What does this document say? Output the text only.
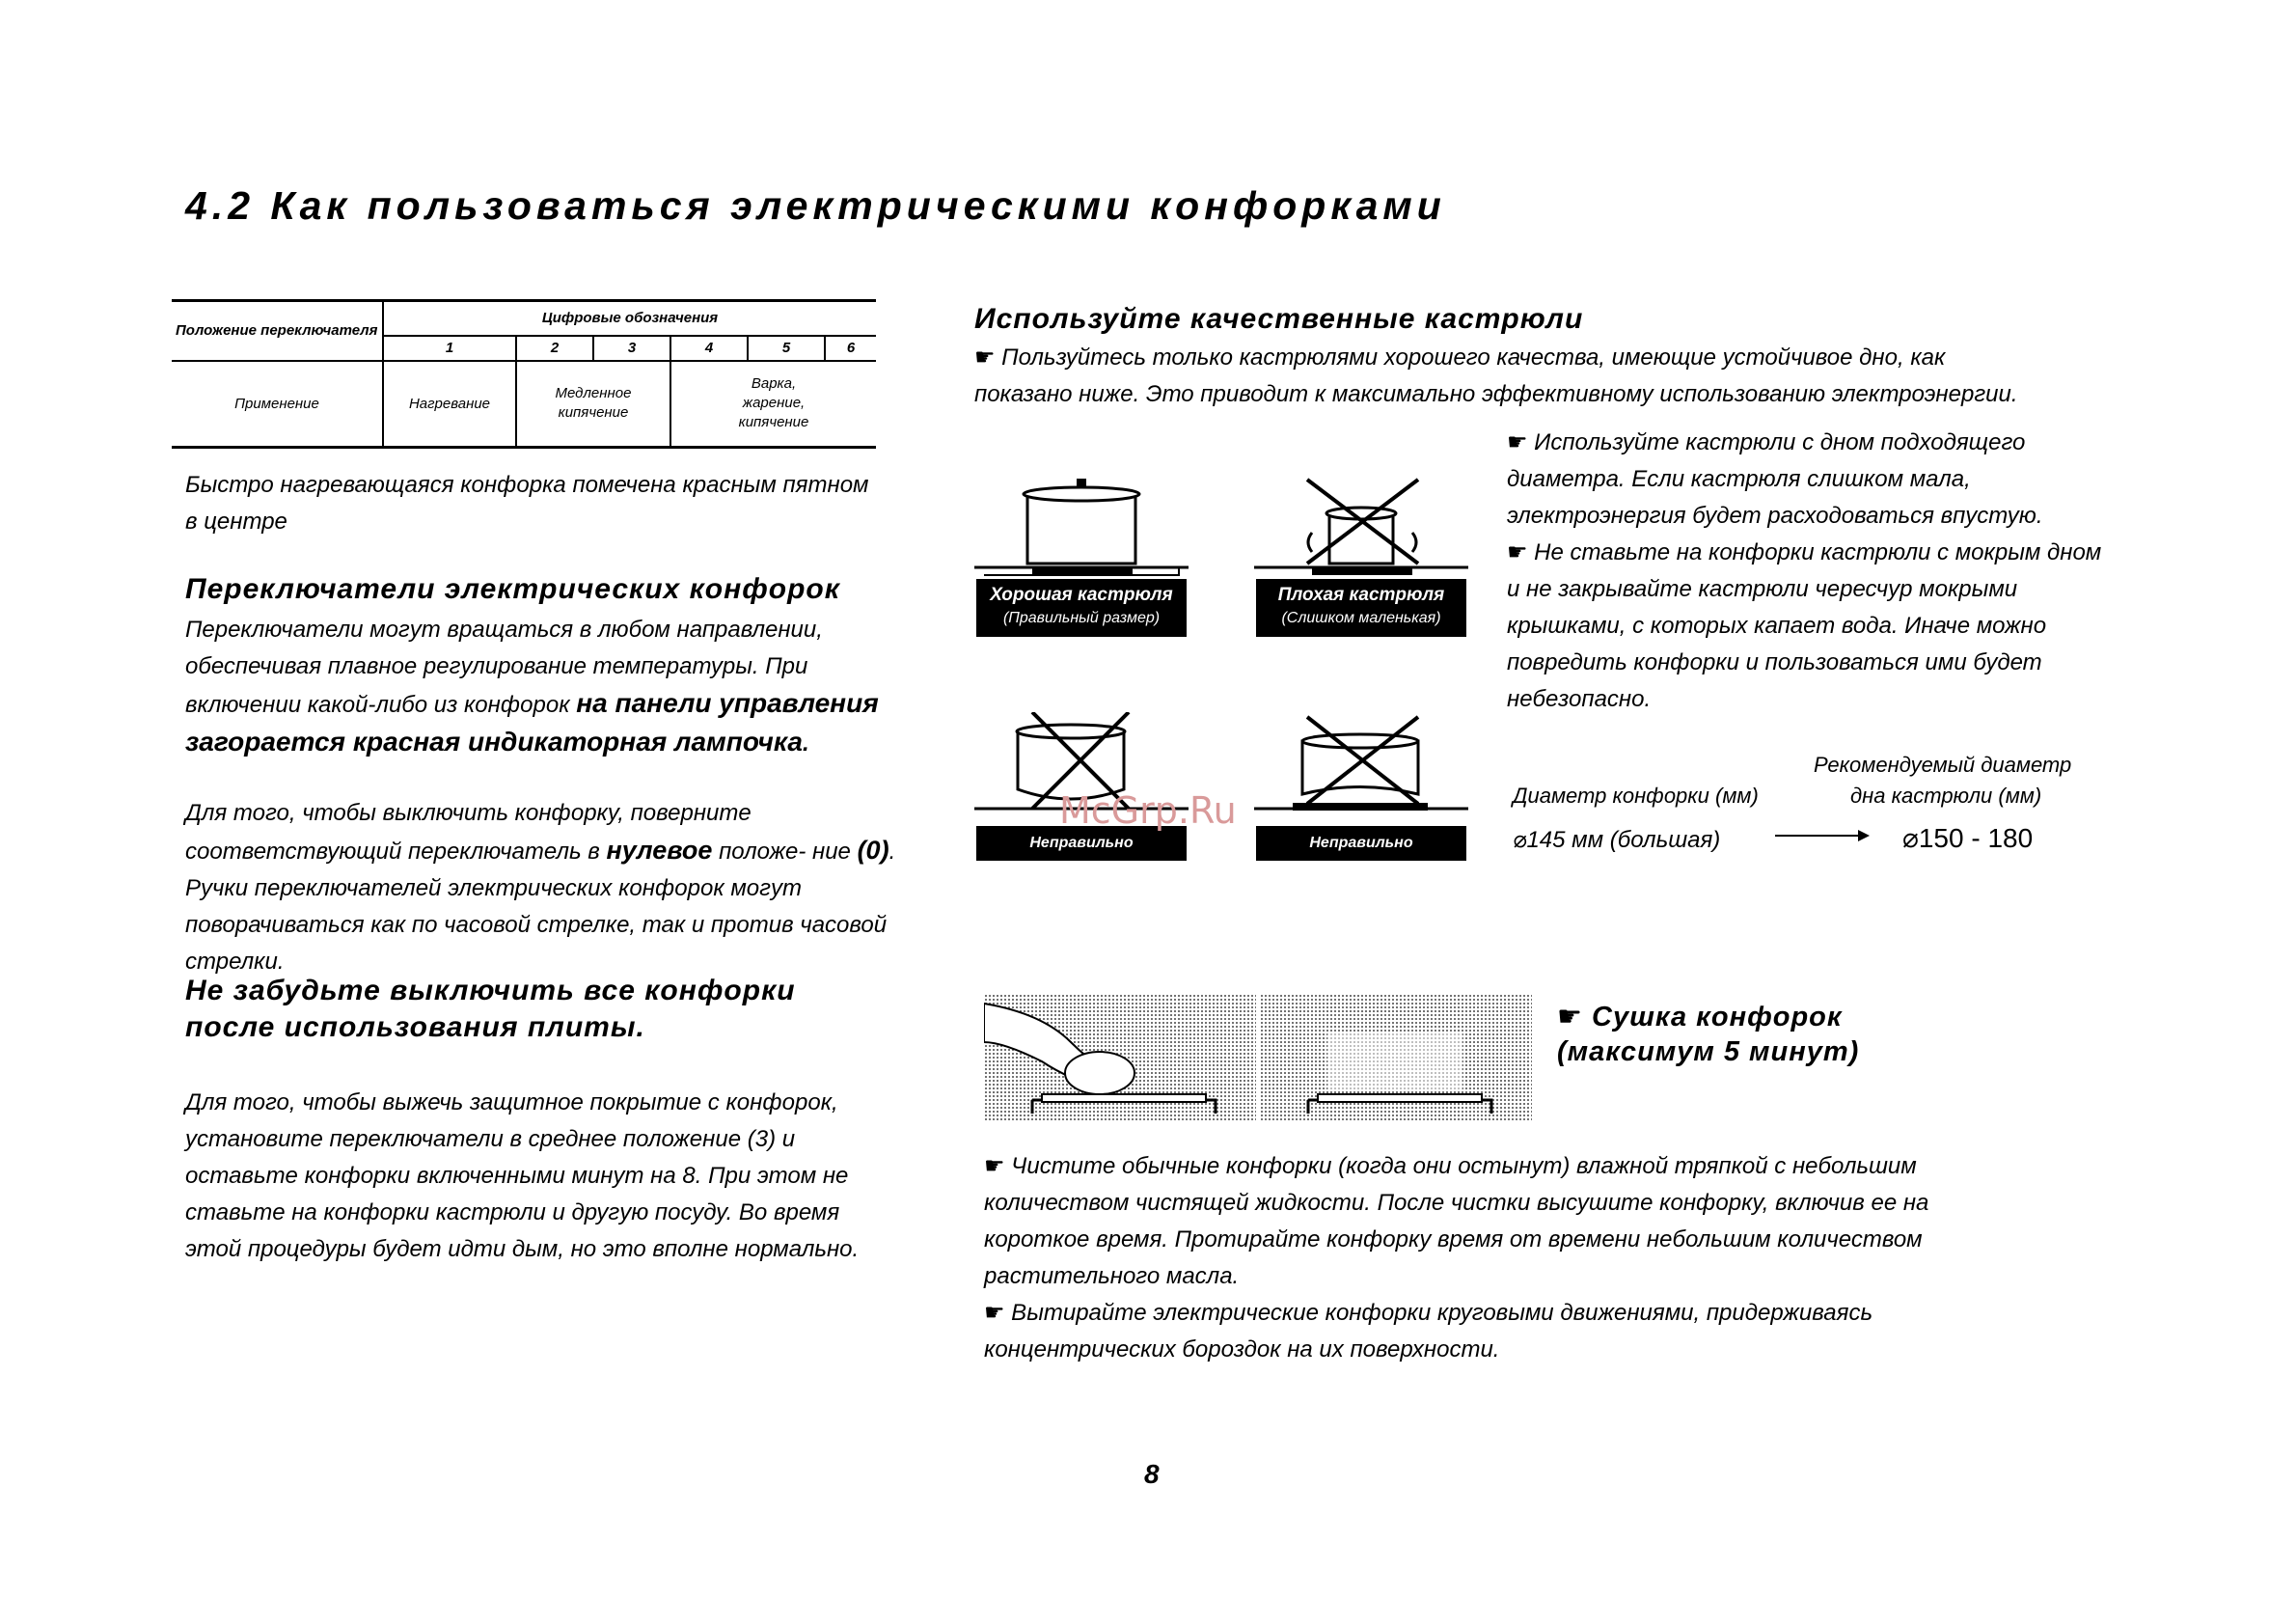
4.2 Как пользоваться электрическими конфорками
Положение переключателя	Цифровые обозначения					
	1	2	3	4	5	6
Применение	Нагревание	Медленное кипячение		Варка, жарение, кипячение		
Быстро нагревающаяся конфорка помечена красным пятном в центре
Переключатели электрических конфорок
Переключатели могут вращаться в любом направлении, обеспечивая плавное регулирование температуры. При включении какой-либо из конфорок на панели управления загорается красная индикаторная лампочка.
Для того, чтобы выключить конфорку, поверните соответствующий переключатель в нулевое положе- ние (0). Ручки переключателей электрических конфорок могут поворачиваться как по часовой стрелке, так и против часовой стрелки.
Не забудьте выключить все конфорки после использования плиты.
Для того, чтобы выжечь защитное покрытие с конфорок, установите переключатели в среднее положение (3) и оставьте конфорки включенными минут на 8. При этом не ставьте на конфорки кастрюли и другую посуду. Во время этой процедуры будет идти дым, но это вполне нормально.
Используйте качественные кастрюли
☛ Пользуйтесь только кастрюлями хорошего качества, имеющие устойчивое дно, как показано ниже. Это приводит к максимально эффективному использованию электроэнергии.
☛ Используйте кастрюли с дном подходящего диаметра. Если кастрюля слишком мала, электроэнергия будет расходоваться впустую.
☛ Не ставьте на конфорки кастрюли с мокрым дном и не закрывайте кастрюли чересчур мокрыми крышками, с которых капает вода. Иначе можно повредить конфорки и пользоваться ими будет небезопасно.
Хорошая кастрюля
(Правильный размер)
Плохая кастрюля
(Слишком маленькая)
Неправильно	Неправильно
McGrp.Ru	Диаметр конфорки (мм)
⌀145 мм (большая)
Рекомендуемый диаметр
дна кастрюли (мм)
⌀150 - 180
☛ Сушка конфорок
(максимум 5 минут)
☛ Чистите обычные конфорки (когда они остынут) влажной тряпкой с небольшим количеством чистящей жидкости. После чистки высушите конфорку, включив ее на короткое время. Протирайте конфорку время от времени небольшим количеством растительного масла.
☛ Вытирайте электрические конфорки круговыми движениями, придерживаясь концентрических бороздок на их поверхности.
8
